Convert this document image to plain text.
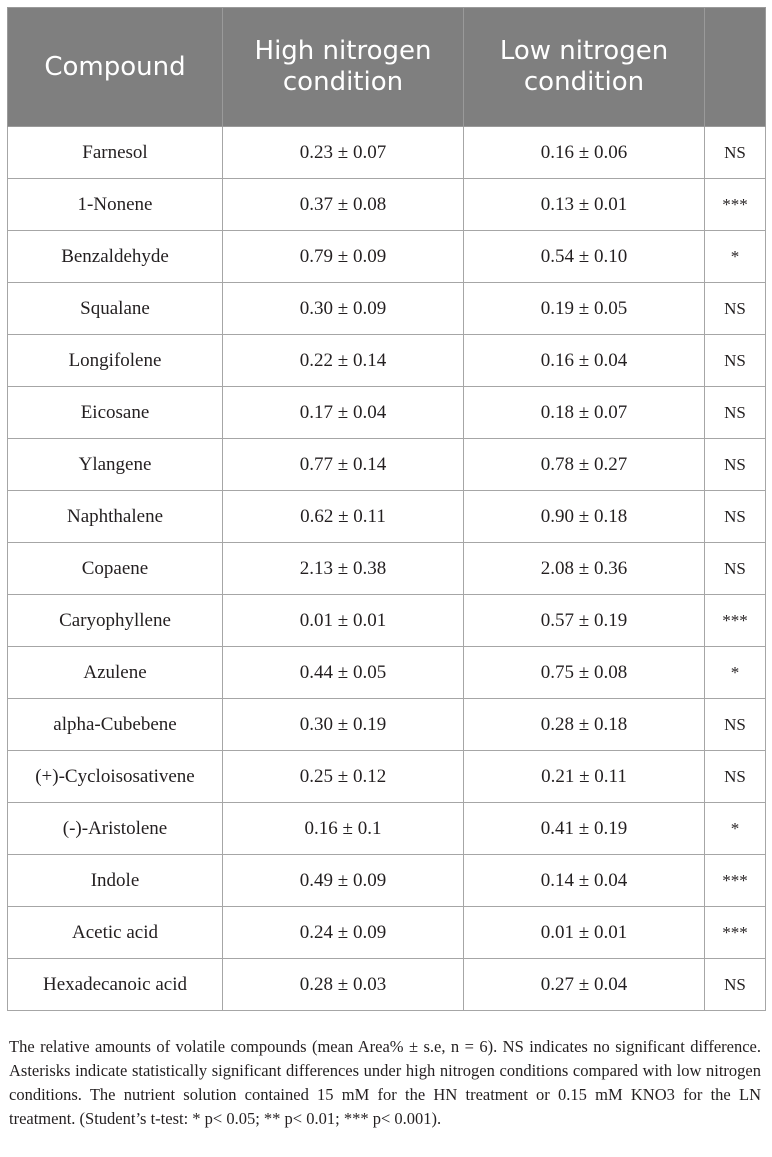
Compound	High nitrogen condition	Low nitrogen condition	
Farnesol	0.23 ± 0.07	0.16 ± 0.06	NS
1-Nonene	0.37 ± 0.08	0.13 ± 0.01	***
Benzaldehyde	0.79 ± 0.09	0.54 ± 0.10	*
Squalane	0.30 ± 0.09	0.19 ± 0.05	NS
Longifolene	0.22 ± 0.14	0.16 ± 0.04	NS
Eicosane	0.17 ± 0.04	0.18 ± 0.07	NS
Ylangene	0.77 ± 0.14	0.78 ± 0.27	NS
Naphthalene	0.62 ± 0.11	0.90 ± 0.18	NS
Copaene	2.13 ± 0.38	2.08 ± 0.36	NS
Caryophyllene	0.01 ± 0.01	0.57 ± 0.19	***
Azulene	0.44 ± 0.05	0.75 ± 0.08	*
alpha-Cubebene	0.30 ± 0.19	0.28 ± 0.18	NS
(+)-Cycloisosativene	0.25 ± 0.12	0.21 ± 0.11	NS
(-)-Aristolene	0.16 ± 0.1	0.41 ± 0.19	*
Indole	0.49 ± 0.09	0.14 ± 0.04	***
Acetic acid	0.24 ± 0.09	0.01 ± 0.01	***
Hexadecanoic acid	0.28 ± 0.03	0.27 ± 0.04	NS

The relative amounts of volatile compounds (mean Area% ± s.e, n = 6). NS indicates no significant difference. Asterisks indicate statistically significant differences under high nitrogen conditions compared with low nitrogen conditions. The nutrient solution contained 15 mM for the HN treatment or 0.15 mM KNO3 for the LN treatment. (Student’s t-test: * p< 0.05; ** p< 0.01; *** p< 0.001).
